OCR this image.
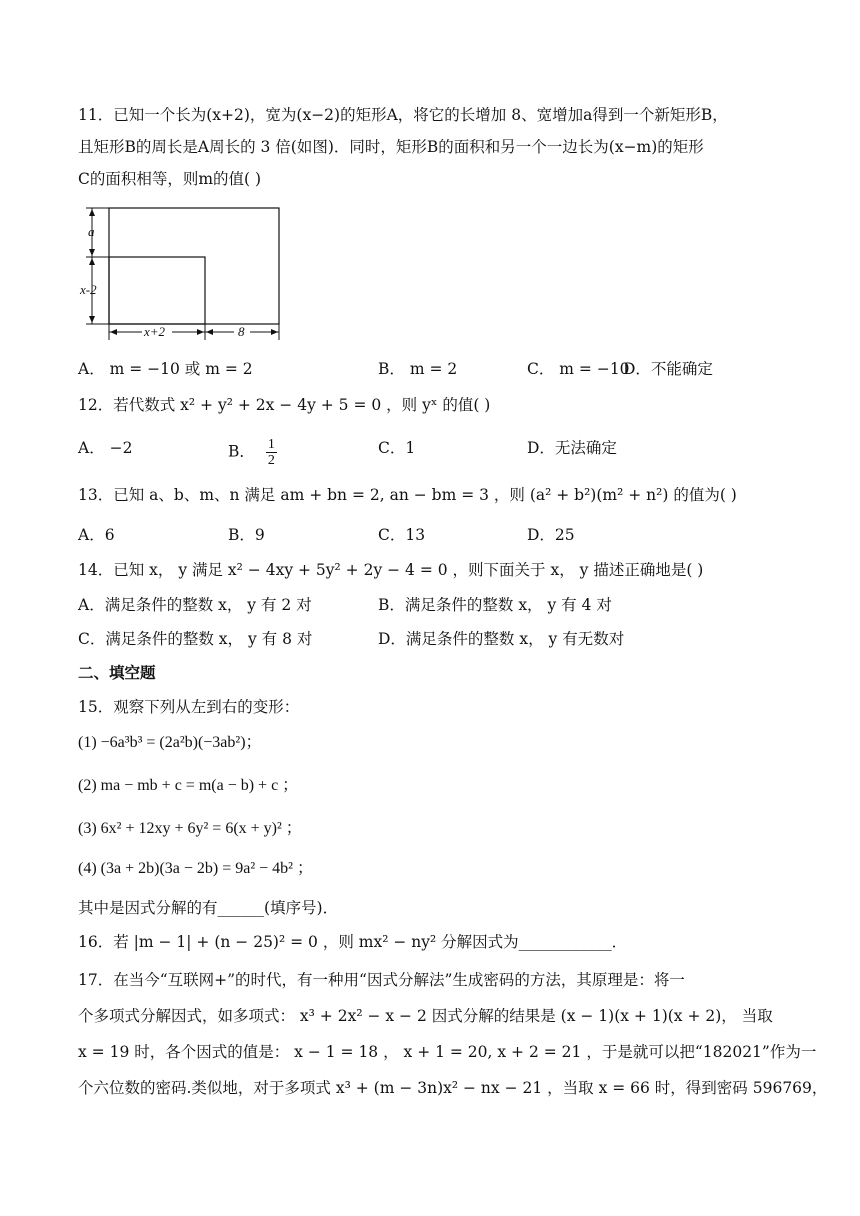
11．已知一个长为(x+2)，宽为(x−2)的矩形A，将它的长增加 8、宽增加a得到一个新矩形B，
且矩形B的周长是A周长的 3 倍(如图)．同时，矩形B的面积和另一个一边长为(x−m)的矩形
C的面积相等，则m的值( )
a
x-2
x+2	8
A． m = −10 或 m = 2	B． m = 2	C． m = −10
D．不能确定
12．若代数式 x² + y² + 2x − 4y + 5 = 0 ，则 yˣ 的值( )
A． −2	B． $\frac{1}{2}$	C．1	D．无法确定
13．已知 a、b、m、n 满足 am + bn = 2, an − bm = 3 ，则 (a² + b²)(m² + n²) 的值为( )
A．6	B．9	C．13	D．25
14．已知 x， y 满足 x² − 4xy + 5y² + 2y − 4 = 0 ，则下面关于 x， y 描述正确地是( )
A．满足条件的整数 x， y 有 2 对	B．满足条件的整数 x， y 有 4 对
C．满足条件的整数 x， y 有 8 对	D．满足条件的整数 x， y 有无数对
二、填空题
15．观察下列从左到右的变形：
(1) −6a³b³ = (2a²b)(−3ab²)；
(2) ma − mb + c = m(a − b) + c ；
(3) 6x² + 12xy + 6y² = 6(x + y)² ；
(4) (3a + 2b)(3a − 2b) = 9a² − 4b² ；
其中是因式分解的有______(填序号)．
16．若 |m − 1| + (n − 25)² = 0 ，则 mx² − ny² 分解因式为____________．
17．在当今“互联网+”的时代，有一种用“因式分解法”生成密码的方法，其原理是：将一
个多项式分解因式，如多项式： x³ + 2x² − x − 2 因式分解的结果是 (x − 1)(x + 1)(x + 2)， 当取
x = 19 时，各个因式的值是： x − 1 = 18 ， x + 1 = 20, x + 2 = 21 ，于是就可以把“182021”作为一
个六位数的密码.类似地，对于多项式 x³ + (m − 3n)x² − nx − 21 ，当取 x = 66 时，得到密码 596769，
